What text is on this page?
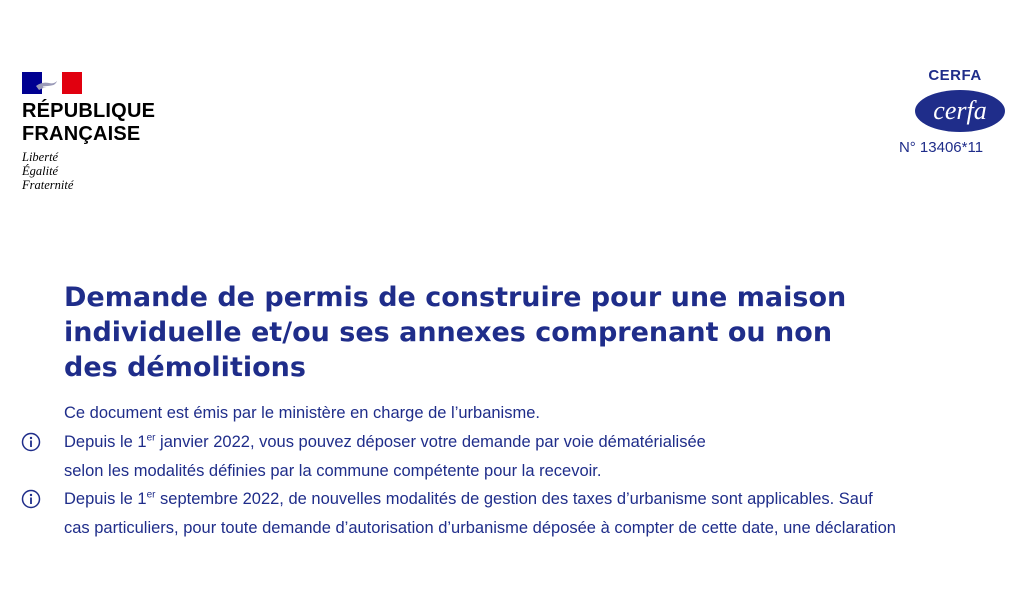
RÉPUBLIQUE
FRANÇAISE
Liberté
Égalité
Fraternité
CERFA
cerfa
N° 13406*11
Demande de permis de construire pour une maison
individuelle et/ou ses annexes comprenant ou non
des démolitions
Ce document est émis par le ministère en charge de l’urbanisme.
Depuis le 1er janvier 2022, vous pouvez déposer votre demande par voie dématérialisée
selon les modalités définies par la commune compétente pour la recevoir.
Depuis le 1er septembre 2022, de nouvelles modalités de gestion des taxes d’urbanisme sont applicables. Sauf
cas particuliers, pour toute demande d’autorisation d’urbanisme déposée à compter de cette date, une déclaration
